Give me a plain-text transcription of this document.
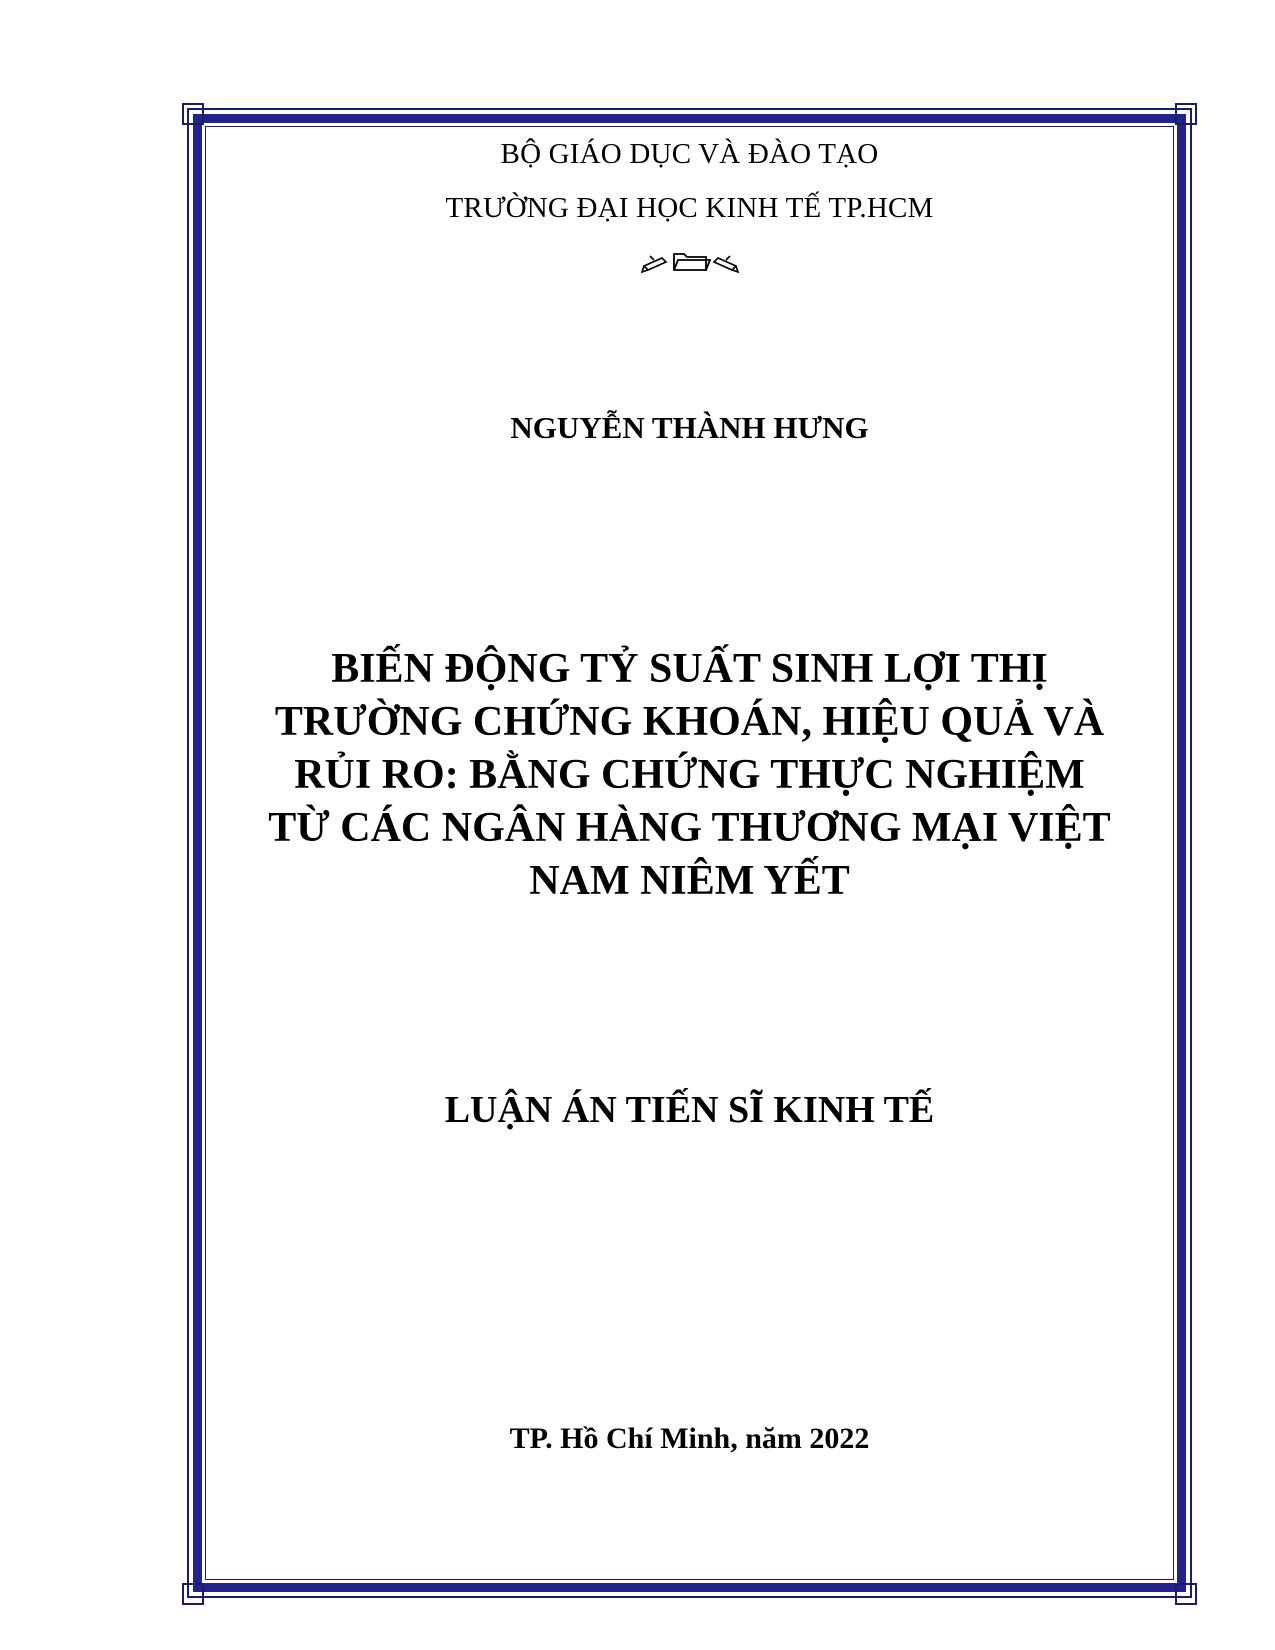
BỘ GIÁO DỤC VÀ ĐÀO TẠO
TRƯỜNG ĐẠI HỌC KINH TẾ TP.HCM
NGUYỄN THÀNH HƯNG
BIẾN ĐỘNG TỶ SUẤT SINH LỢI THỊ
TRƯỜNG CHỨNG KHOÁN, HIỆU QUẢ VÀ
RỦI RO: BẰNG CHỨNG THỰC NGHIỆM
TỪ CÁC NGÂN HÀNG THƯƠNG MẠI VIỆT
NAM NIÊM YẾT
LUẬN ÁN TIẾN SĨ KINH TẾ
TP. Hồ Chí Minh, năm 2022
